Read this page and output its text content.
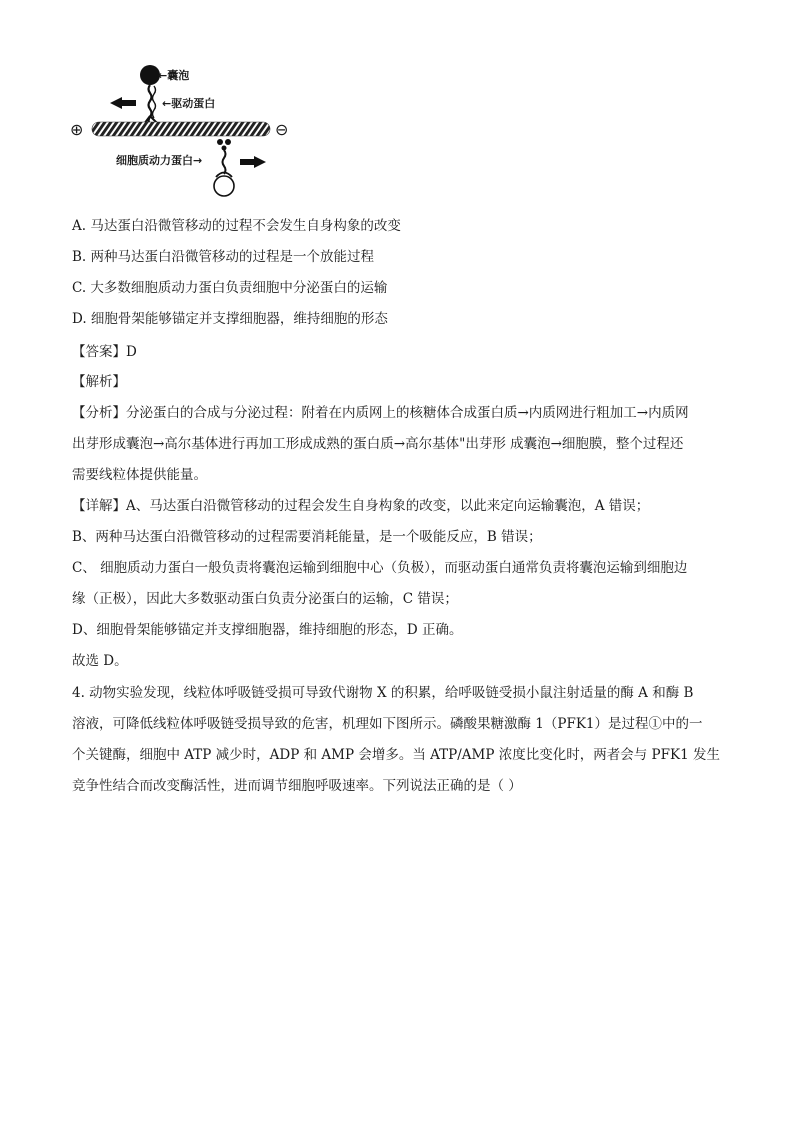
←囊泡
←驱动蛋白
细胞质动力蛋白→
⊕	⊖
A. 马达蛋白沿微管移动的过程不会发生自身构象的改变
B. 两种马达蛋白沿微管移动的过程是一个放能过程
C. 大多数细胞质动力蛋白负责细胞中分泌蛋白的运输
D. 细胞骨架能够锚定并支撑细胞器，维持细胞的形态
【答案】D
【解析】
【分析】分泌蛋白的合成与分泌过程：附着在内质网上的核糖体合成蛋白质→内质网进行粗加工→内质网
出芽形成囊泡→高尔基体进行再加工形成成熟的蛋白质→高尔基体"出芽形 成囊泡→细胞膜，整个过程还
需要线粒体提供能量。
【详解】A、马达蛋白沿微管移动的过程会发生自身构象的改变，以此来定向运输囊泡，A 错误；
B、两种马达蛋白沿微管移动的过程需要消耗能量，是一个吸能反应，B 错误；
C、 细胞质动力蛋白一般负责将囊泡运输到细胞中心（负极），而驱动蛋白通常负责将囊泡运输到细胞边
缘（正极），因此大多数驱动蛋白负责分泌蛋白的运输，C 错误；
D、细胞骨架能够锚定并支撑细胞器，维持细胞的形态，D 正确。
故选 D。
4. 动物实验发现，线粒体呼吸链受损可导致代谢物 X 的积累，给呼吸链受损小鼠注射适量的酶 A 和酶 B
溶液，可降低线粒体呼吸链受损导致的危害，机理如下图所示。磷酸果糖激酶 1（PFK1）是过程①中的一
个关键酶，细胞中 ATP 减少时，ADP 和 AMP 会增多。当 ATP/AMP 浓度比变化时，两者会与 PFK1 发生
竞争性结合而改变酶活性，进而调节细胞呼吸速率。下列说法正确的是（ ）
